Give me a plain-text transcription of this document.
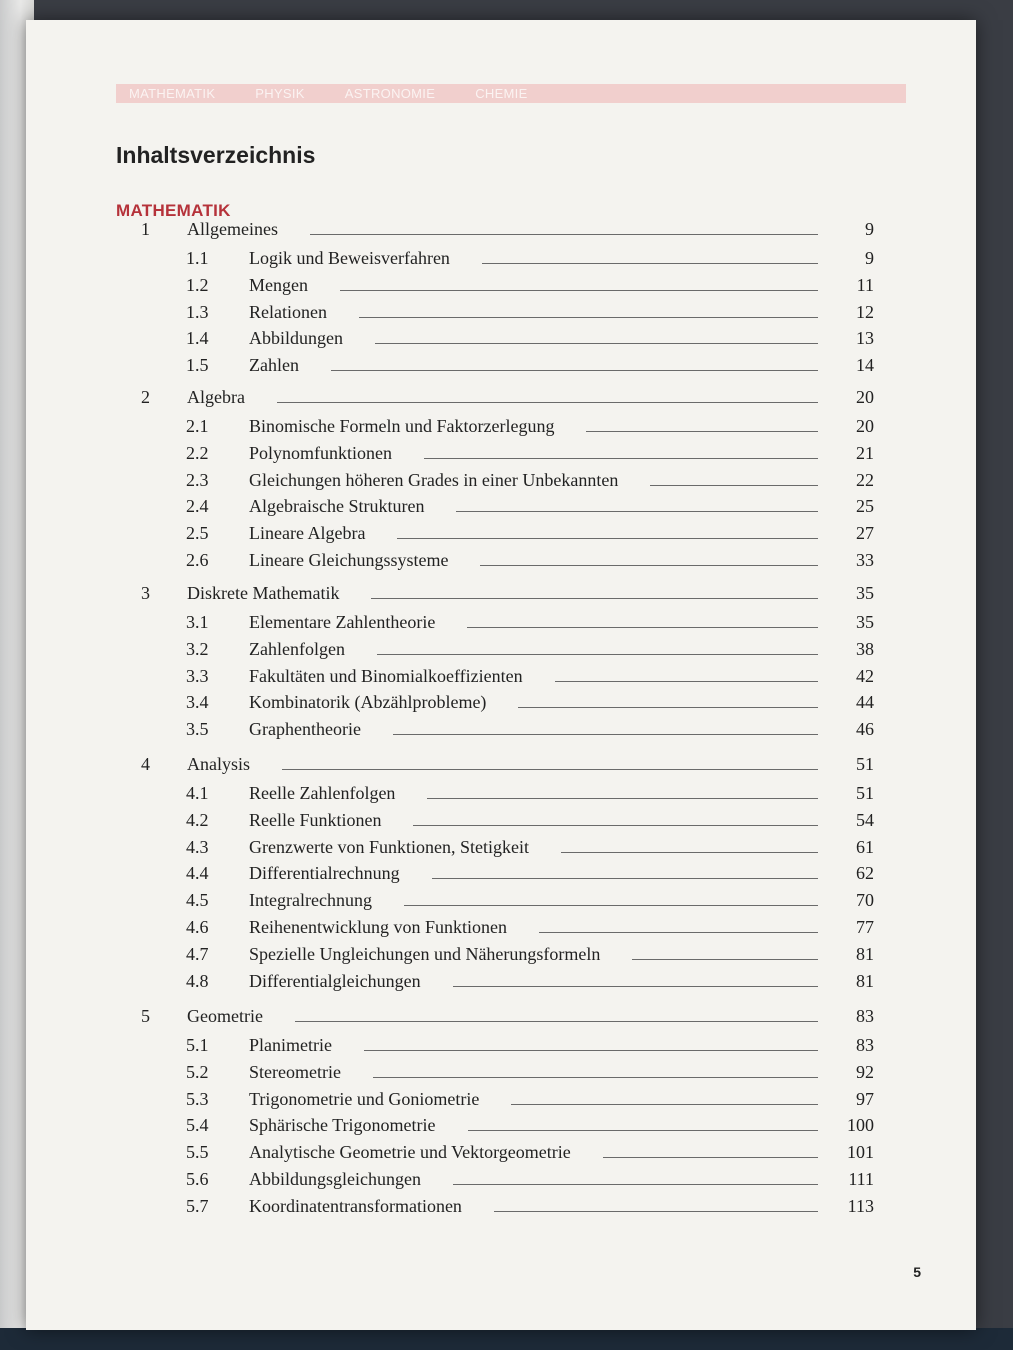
MATHEMATIK	PHYSIK	ASTRONOMIE	CHEMIE
Inhaltsverzeichnis
MATHEMATIK
1 Allgemeines	9
1.1 Logik und Beweisverfahren	9
1.2 Mengen	11
1.3 Relationen	12
1.4 Abbildungen	13
1.5 Zahlen	14
2 Algebra	20
2.1 Binomische Formeln und Faktorzerlegung	20
2.2 Polynomfunktionen	21
2.3 Gleichungen höheren Grades in einer Unbekannten	22
2.4 Algebraische Strukturen	25
2.5 Lineare Algebra	27
2.6 Lineare Gleichungssysteme	33
3 Diskrete Mathematik	35
3.1 Elementare Zahlentheorie	35
3.2 Zahlenfolgen	38
3.3 Fakultäten und Binomialkoeffizienten	42
3.4 Kombinatorik (Abzählprobleme)	44
3.5 Graphentheorie	46
4 Analysis	51
4.1 Reelle Zahlenfolgen	51
4.2 Reelle Funktionen	54
4.3 Grenzwerte von Funktionen, Stetigkeit	61
4.4 Differentialrechnung	62
4.5 Integralrechnung	70
4.6 Reihenentwicklung von Funktionen	77
4.7 Spezielle Ungleichungen und Näherungsformeln	81
4.8 Differentialgleichungen	81
5 Geometrie	83
5.1 Planimetrie	83
5.2 Stereometrie	92
5.3 Trigonometrie und Goniometrie	97
5.4 Sphärische Trigonometrie	100
5.5 Analytische Geometrie und Vektorgeometrie	101
5.6 Abbildungsgleichungen	111
5.7 Koordinatentransformationen	113
5
